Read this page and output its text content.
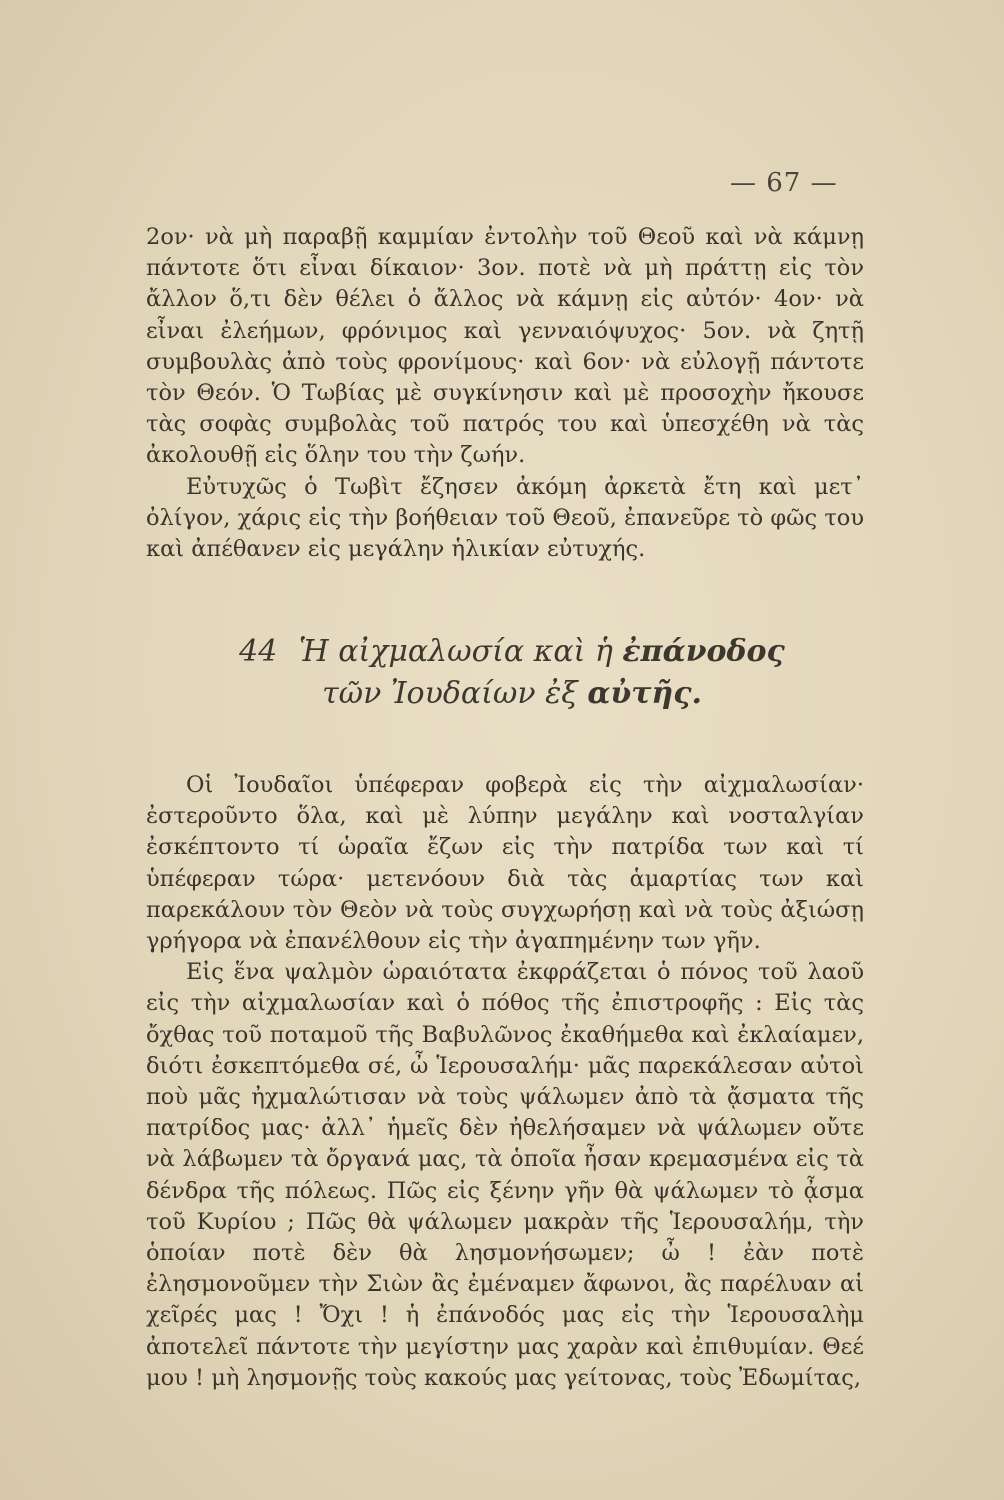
— 67 —

2ον· νὰ μὴ παραβῇ καμμίαν ἐντολὴν τοῦ Θεοῦ καὶ νὰ κάμνῃ πάντοτε ὅτι εἶναι δίκαιον· 3ον. ποτὲ νὰ μὴ πράττῃ εἰς τὸν ἄλλον ὅ,τι δὲν θέλει ὁ ἄλλος νὰ κάμνῃ εἰς αὐτόν· 4ον· νὰ εἶναι ἐλεήμων, φρόνιμος καὶ γενναιόψυχος· 5ον. νὰ ζητῇ συμβουλὰς ἀπὸ τοὺς φρονίμους· καὶ 6ον· νὰ εὐλογῇ πάντοτε τὸν Θεόν. Ὁ Τωβίας μὲ συγκίνησιν καὶ μὲ προσοχὴν ἤκουσε τὰς σοφὰς συμβολὰς τοῦ πατρός του καὶ ὑπεσχέθη νὰ τὰς ἀκολουθῇ εἰς ὅλην του τὴν ζωήν.

Εὐτυχῶς ὁ Τωβὶτ ἔζησεν ἀκόμη ἀρκετὰ ἔτη καὶ μετ᾽ ὀλίγον, χάρις εἰς τὴν βοήθειαν τοῦ Θεοῦ, ἐπανεῦρε τὸ φῶς του καὶ ἀπέθανεν εἰς μεγάλην ἡλικίαν εὐτυχής.

44 Ἡ αἰχμαλωσία καὶ ἡ ἐπάνοδος
τῶν Ἰουδαίων ἐξ αὐτῆς.

Οἱ Ἰουδαῖοι ὑπέφεραν φοβερὰ εἰς τὴν αἰχμαλωσίαν· ἐστεροῦντο ὅλα, καὶ μὲ λύπην μεγάλην καὶ νοσταλγίαν ἐσκέπτοντο τί ὡραῖα ἔζων εἰς τὴν πατρίδα των καὶ τί ὑπέφεραν τώρα· μετενόουν διὰ τὰς ἁμαρτίας των καὶ παρεκάλουν τὸν Θεὸν νὰ τοὺς συγχωρήσῃ καὶ νὰ τοὺς ἀξιώσῃ γρήγορα νὰ ἐπανέλθουν εἰς τὴν ἀγαπημένην των γῆν.

Εἰς ἕνα ψαλμὸν ὡραιότατα ἐκφράζεται ὁ πόνος τοῦ λαοῦ εἰς τὴν αἰχμαλωσίαν καὶ ὁ πόθος τῆς ἐπιστροφῆς : Εἰς τὰς ὄχθας τοῦ ποταμοῦ τῆς Βαβυλῶνος ἐκαθήμεθα καὶ ἐκλαίαμεν, διότι ἐσκεπτόμεθα σέ, ὦ Ἱερουσαλήμ· μᾶς παρεκάλεσαν αὐτοὶ ποὺ μᾶς ἠχμαλώτισαν νὰ τοὺς ψάλωμεν ἀπὸ τὰ ᾄσματα τῆς πατρίδος μας· ἀλλ᾽ ἡμεῖς δὲν ἠθελήσαμεν νὰ ψάλωμεν οὔτε νὰ λάβωμεν τὰ ὄργανά μας, τὰ ὁποῖα ἦσαν κρεμασμένα εἰς τὰ δένδρα τῆς πόλεως. Πῶς εἰς ξένην γῆν θὰ ψάλωμεν τὸ ᾆσμα τοῦ Κυρίου ; Πῶς θὰ ψάλωμεν μακρὰν τῆς Ἱερουσαλήμ, τὴν ὁποίαν ποτὲ δὲν θὰ λησμονήσωμεν; ὦ ! ἐὰν ποτὲ ἐλησμονοῦμεν τὴν Σιὼν ἂς ἐμέναμεν ἄφωνοι, ἂς παρέλυαν αἱ χεῖρές μας ! Ὄχι ! ἡ ἐπάνοδός μας εἰς τὴν Ἱερουσαλὴμ ἀποτελεῖ πάντοτε τὴν μεγίστην μας χαρὰν καὶ ἐπιθυμίαν. Θεέ μου ! μὴ λησμονῇς τοὺς κακούς μας γείτονας, τοὺς Ἐδωμίτας,
